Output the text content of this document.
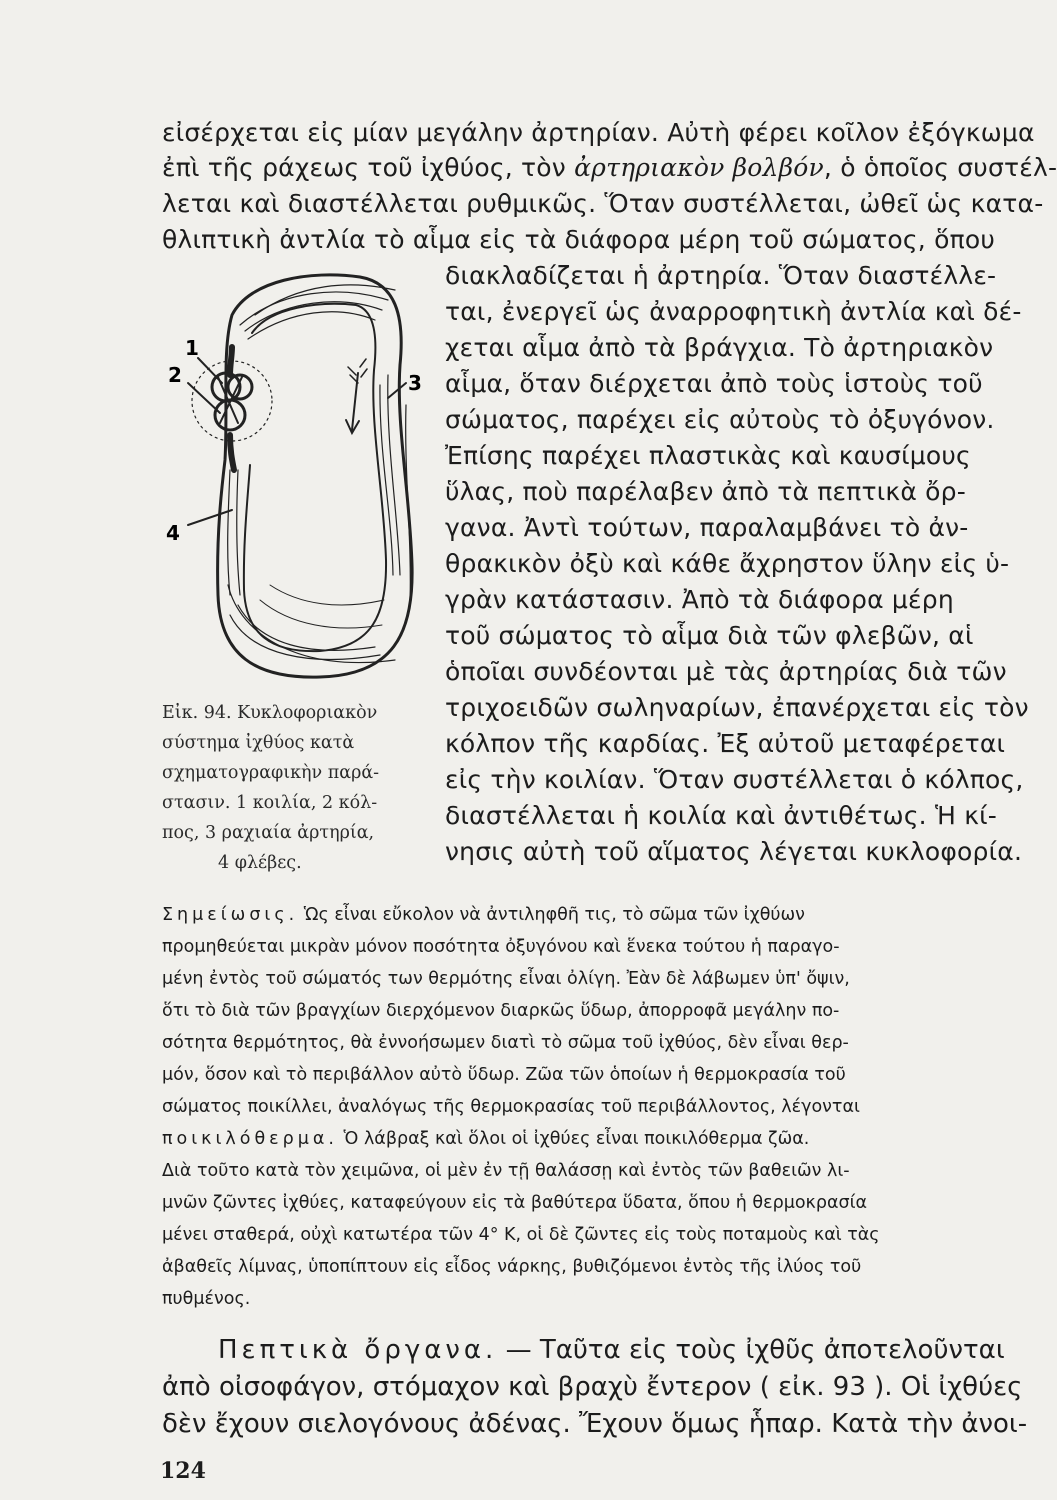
εἰσέρχεται εἰς μίαν μεγάλην ἀρτηρίαν. Αὐτὴ φέρει κοῖλον ἐξόγκωμα
ἐπὶ τῆς ράχεως τοῦ ἰχθύος, τὸν ἀρτηριακὸν βολβόν, ὁ ὁποῖος συστέλ-
λεται καὶ διαστέλλεται ρυθμικῶς. Ὅταν συστέλλεται, ὠθεῖ ὡς κατα-
θλιπτικὴ ἀντλία τὸ αἷμα εἰς τὰ διάφορα μέρη τοῦ σώματος, ὅπου
διακλαδίζεται ἡ ἀρτηρία. Ὅταν διαστέλλε-
ται, ἐνεργεῖ ὡς ἀναρροφητικὴ ἀντλία καὶ δέ-
χεται αἷμα ἀπὸ τὰ βράγχια. Τὸ ἀρτηριακὸν
αἷμα, ὅταν διέρχεται ἀπὸ τοὺς ἱστοὺς τοῦ
σώματος, παρέχει εἰς αὐτοὺς τὸ ὀξυγόνον.
Ἐπίσης παρέχει πλαστικὰς καὶ καυσίμους
ὕλας, ποὺ παρέλαβεν ἀπὸ τὰ πεπτικὰ ὄρ-
γανα. Ἀντὶ τούτων, παραλαμβάνει τὸ ἀν-
θρακικὸν ὀξὺ καὶ κάθε ἄχρηστον ὕλην εἰς ὑ-
γρὰν κατάστασιν. Ἀπὸ τὰ διάφορα μέρη
τοῦ σώματος τὸ αἷμα διὰ τῶν φλεβῶν, αἱ
ὁποῖαι συνδέονται μὲ τὰς ἀρτηρίας διὰ τῶν
τριχοειδῶν σωληναρίων, ἐπανέρχεται εἰς τὸν
κόλπον τῆς καρδίας. Ἐξ αὐτοῦ μεταφέρεται
εἰς τὴν κοιλίαν. Ὅταν συστέλλεται ὁ κόλπος,
διαστέλλεται ἡ κοιλία καὶ ἀντιθέτως. Ἡ κί-
νησις αὐτὴ τοῦ αἵματος λέγεται κυκλοφορία.
1
2	3
4
Εἰκ. 94. Κυκλοφοριακὸν
σύστημα ἰχθύος κατὰ
σχηματογραφικὴν παρά-
στασιν. 1 κοιλία, 2 κόλ-
πος, 3 ραχιαία ἀρτηρία,
4 φλέβες.
Σημείωσις. Ὡς εἶναι εὔκολον νὰ ἀντιληφθῆ τις, τὸ σῶμα τῶν ἰχθύων
προμηθεύεται μικρὰν μόνον ποσότητα ὀξυγόνου καὶ ἕνεκα τούτου ἡ παραγο-
μένη ἐντὸς τοῦ σώματός των θερμότης εἶναι ὀλίγη. Ἐὰν δὲ λάβωμεν ὑπ' ὄψιν,
ὅτι τὸ διὰ τῶν βραγχίων διερχόμενον διαρκῶς ὕδωρ, ἀπορροφᾶ μεγάλην πο-
σότητα θερμότητος, θὰ ἐννοήσωμεν διατὶ τὸ σῶμα τοῦ ἰχθύος, δὲν εἶναι θερ-
μόν, ὅσον καὶ τὸ περιβάλλον αὐτὸ ὕδωρ. Ζῶα τῶν ὁποίων ἡ θερμοκρασία τοῦ
σώματος ποικίλλει, ἀναλόγως τῆς θερμοκρασίας τοῦ περιβάλλοντος, λέγονται
ποικιλόθερμα. Ὁ λάβραξ καὶ ὅλοι οἱ ἰχθύες εἶναι ποικιλόθερμα ζῶα.
Διὰ τοῦτο κατὰ τὸν χειμῶνα, οἱ μὲν ἐν τῇ θαλάσσῃ καὶ ἐντὸς τῶν βαθειῶν λι-
μνῶν ζῶντες ἰχθύες, καταφεύγουν εἰς τὰ βαθύτερα ὕδατα, ὅπου ἡ θερμοκρασία
μένει σταθερά, οὐχὶ κατωτέρα τῶν 4° Κ, οἱ δὲ ζῶντες εἰς τοὺς ποταμοὺς καὶ τὰς
ἀβαθεῖς λίμνας, ὑποπίπτουν εἰς εἶδος νάρκης, βυθιζόμενοι ἐντὸς τῆς ἰλύος τοῦ
πυθμένος.
Πεπτικὰ ὄργανα. — Ταῦτα εἰς τοὺς ἰχθῦς ἀποτελοῦνται
ἀπὸ οἰσοφάγον, στόμαχον καὶ βραχὺ ἔντερον ( εἰκ. 93 ). Οἱ ἰχθύες
δὲν ἔχουν σιελογόνους ἀδένας. Ἔχουν ὅμως ἧπαρ. Κατὰ τὴν ἀνοι-
124
